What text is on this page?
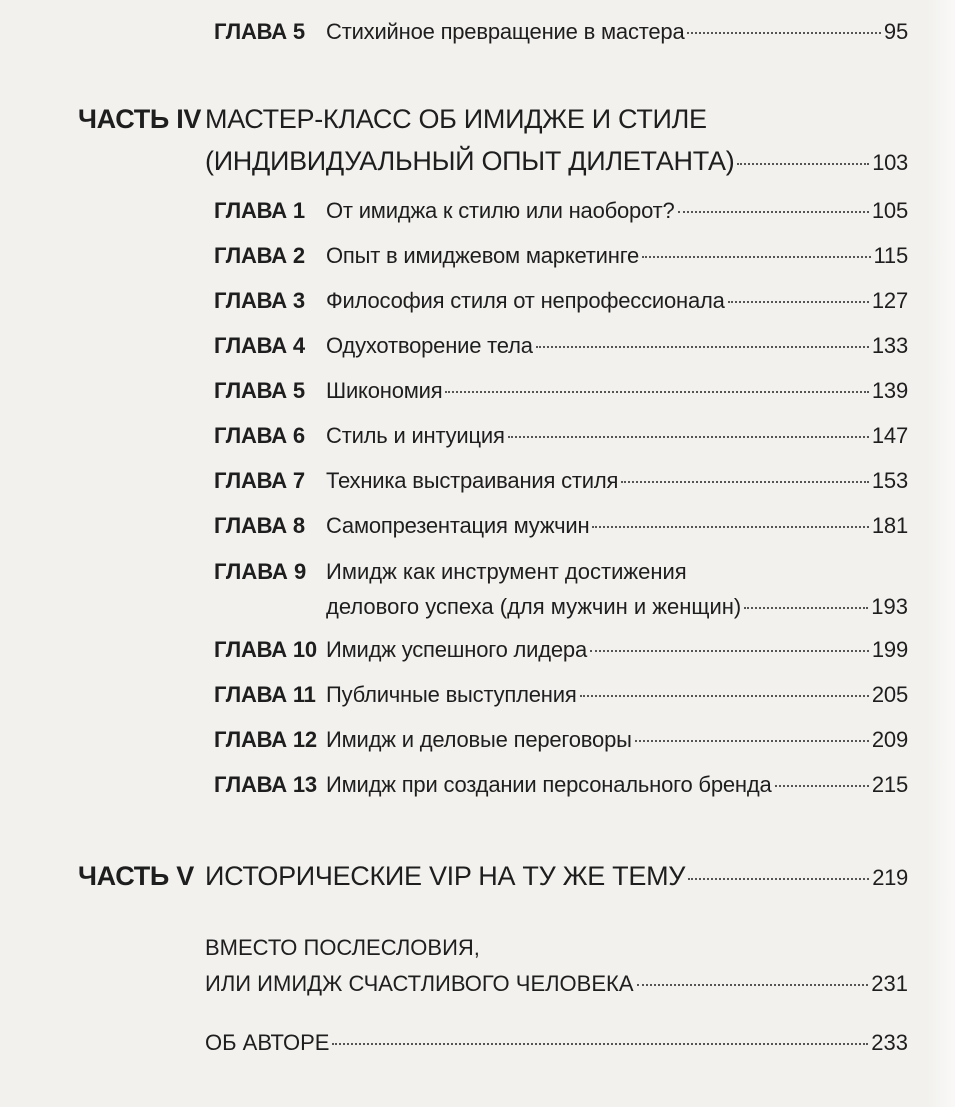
ГЛАВА 5 Стихийное превращение в мастера	95
ЧАСТЬ IV МАСТЕР-КЛАСС ОБ ИМИДЖЕ И СТИЛЕ
(ИНДИВИДУАЛЬНЫЙ ОПЫТ ДИЛЕТАНТА)	103
ГЛАВА 1 От имиджа к стилю или наоборот?	105
ГЛАВА 2 Опыт в имиджевом маркетинге	115
ГЛАВА 3 Философия стиля от непрофессионала	127
ГЛАВА 4 Одухотворение тела	133
ГЛАВА 5 Шикономия	139
ГЛАВА 6 Стиль и интуиция	147
ГЛАВА 7 Техника выстраивания стиля	153
ГЛАВА 8 Самопрезентация мужчин	181
ГЛАВА 9 Имидж как инструмент достижения
делового успеха (для мужчин и женщин)	193
ГЛАВА 10 Имидж успешного лидера	199
ГЛАВА 11 Публичные выступления	205
ГЛАВА 12 Имидж и деловые переговоры	209
ГЛАВА 13 Имидж при создании персонального бренда	215
ЧАСТЬ V ИСТОРИЧЕСКИЕ VIP НА ТУ ЖЕ ТЕМУ	219
ВМЕСТО ПОСЛЕСЛОВИЯ,
ИЛИ ИМИДЖ СЧАСТЛИВОГО ЧЕЛОВЕКА	231
ОБ АВТОРЕ	233
